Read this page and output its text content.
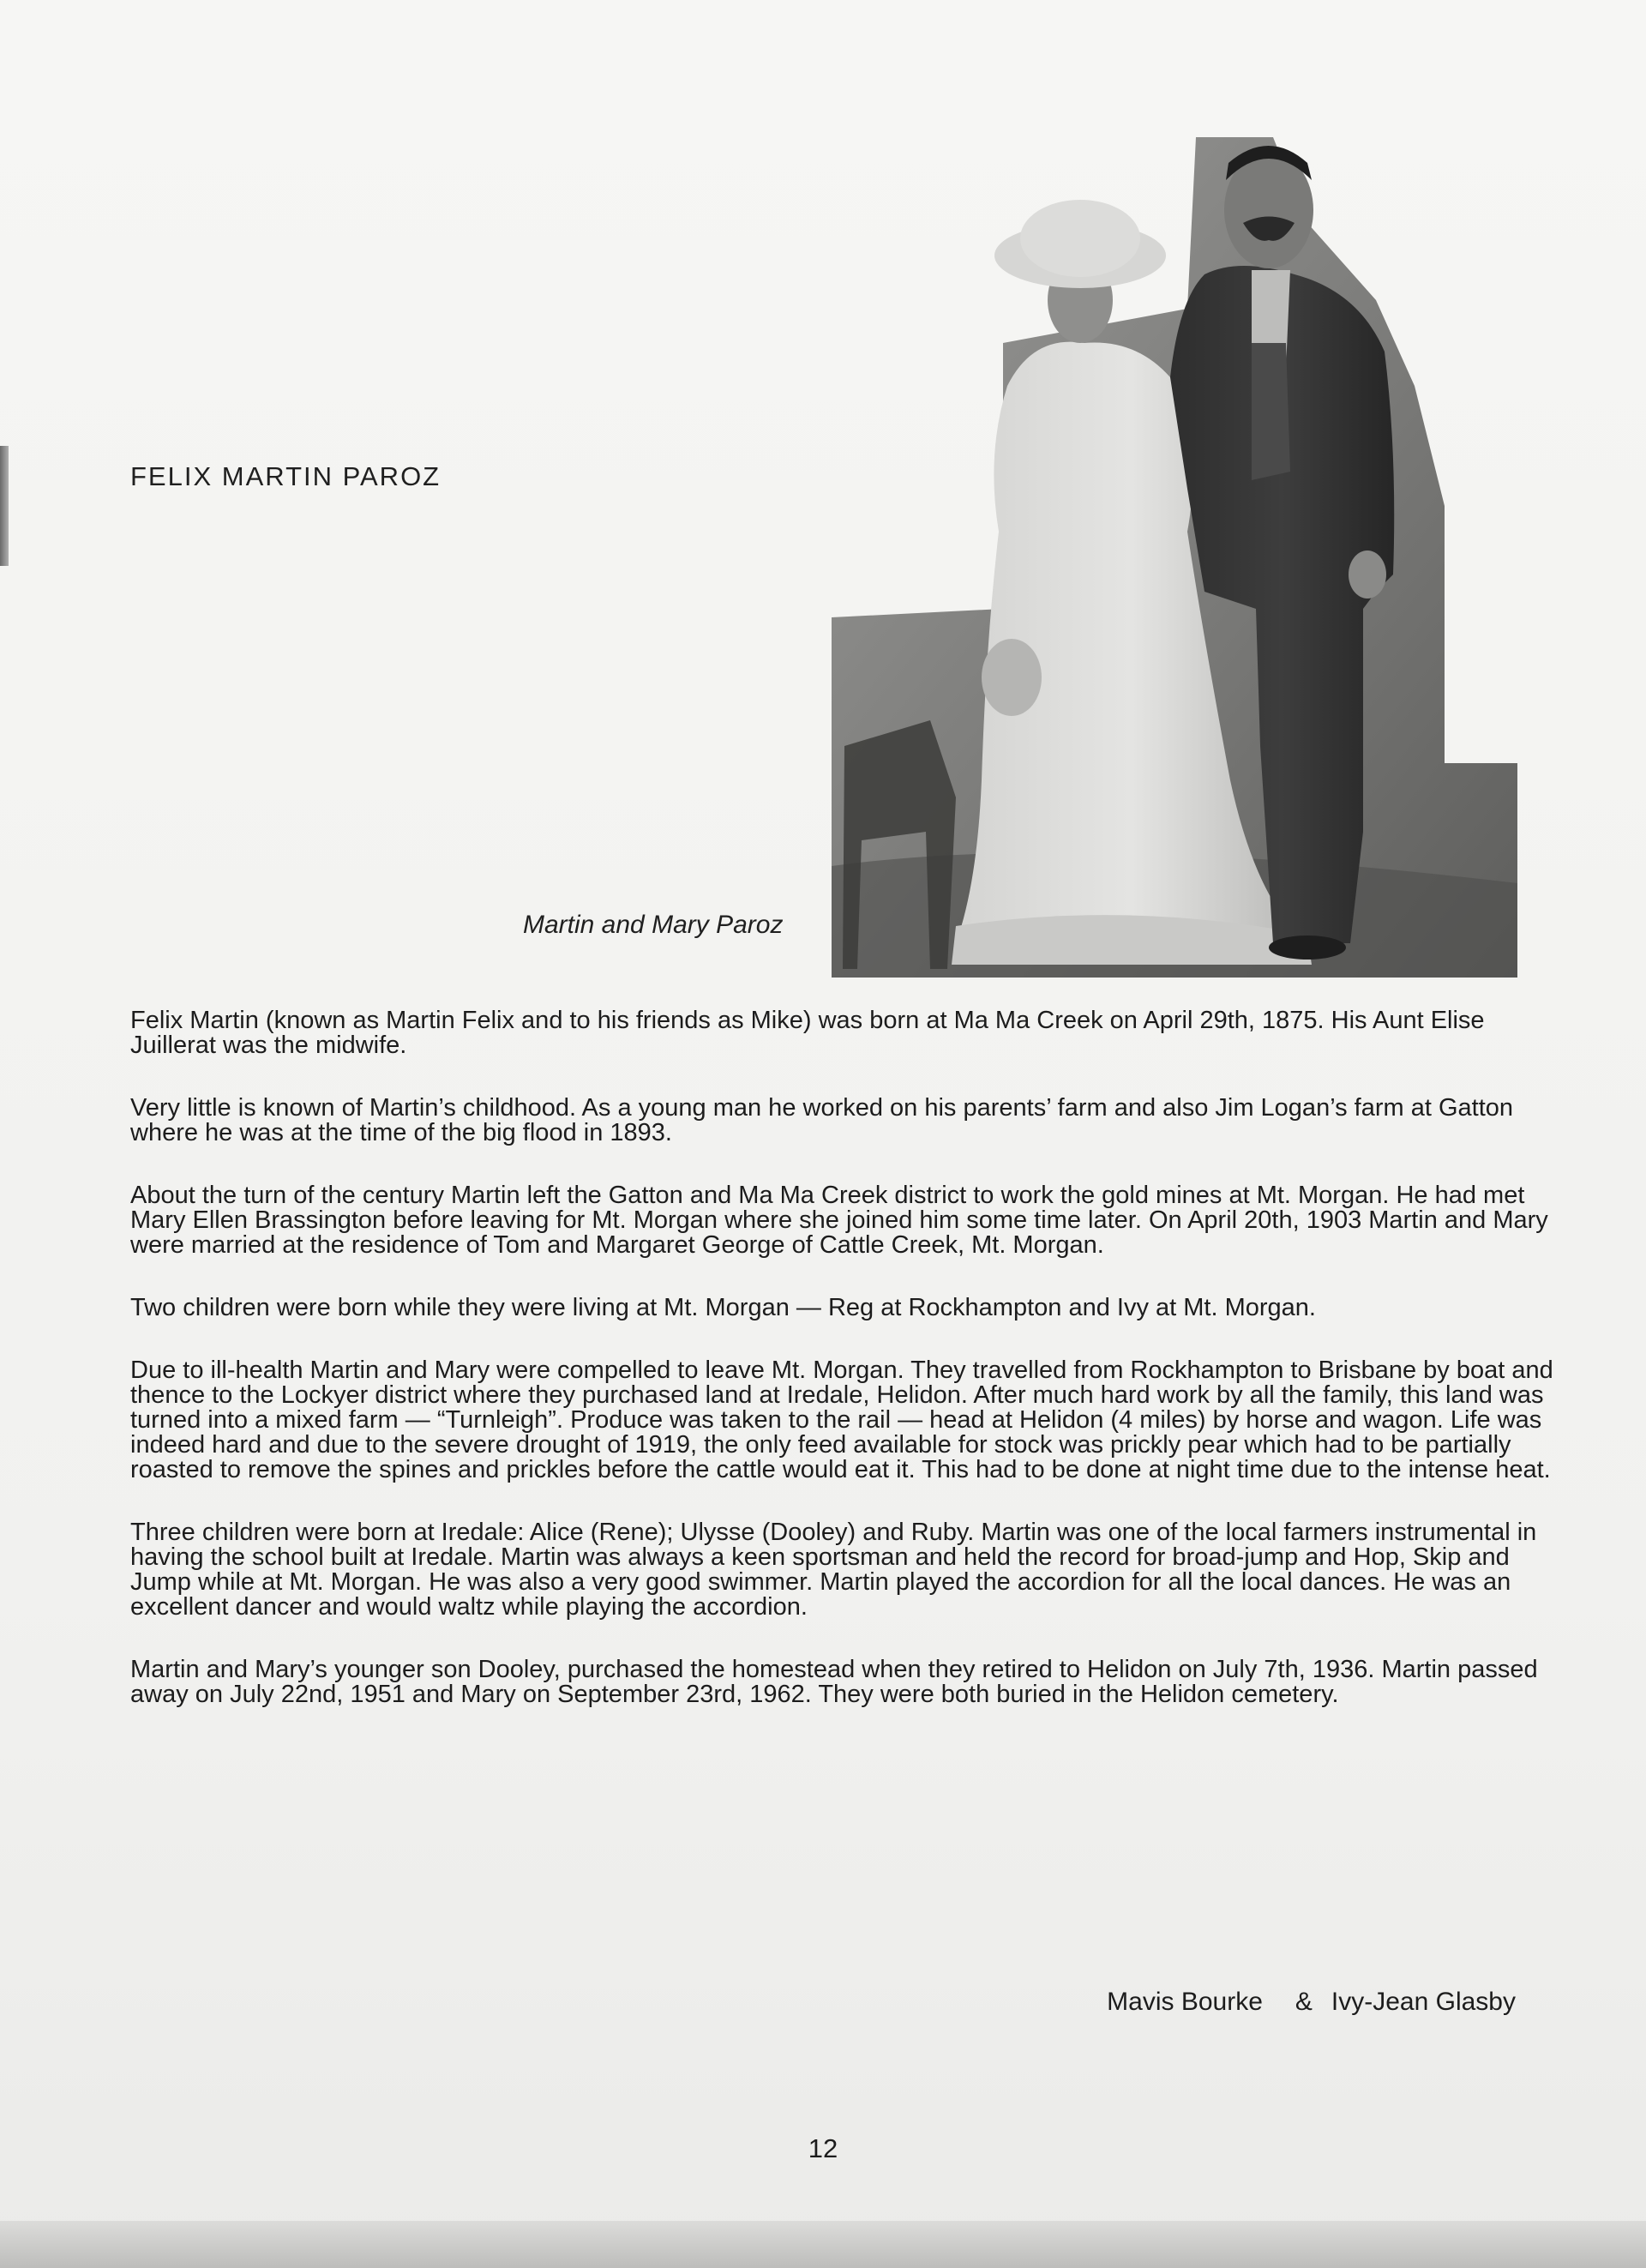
FELIX MARTIN PAROZ
Martin and Mary Paroz

Felix Martin (known as Martin Felix and to his friends as Mike) was born at Ma Ma Creek on April 29th, 1875. His Aunt Elise Juillerat was the midwife.

Very little is known of Martin’s childhood. As a young man he worked on his parents’ farm and also Jim Logan’s farm at Gatton where he was at the time of the big flood in 1893.

About the turn of the century Martin left the Gatton and Ma Ma Creek district to work the gold mines at Mt. Morgan. He had met Mary Ellen Brassington before leaving for Mt. Morgan where she joined him some time later. On April 20th, 1903 Martin and Mary were married at the residence of Tom and Margaret George of Cattle Creek, Mt. Morgan.

Two children were born while they were living at Mt. Morgan — Reg at Rockhampton and Ivy at Mt. Morgan.

Due to ill-health Martin and Mary were compelled to leave Mt. Morgan. They travelled from Rockhampton to Brisbane by boat and thence to the Lockyer district where they purchased land at Iredale, Helidon. After much hard work by all the family, this land was turned into a mixed farm — “Turnleigh”. Produce was taken to the rail — head at Helidon (4 miles) by horse and wagon. Life was indeed hard and due to the severe drought of 1919, the only feed available for stock was prickly pear which had to be partially roasted to remove the spines and prickles before the cattle would eat it. This had to be done at night time due to the intense heat.

Three children were born at Iredale: Alice (Rene); Ulysse (Dooley) and Ruby. Martin was one of the local farmers instrumental in having the school built at Iredale. Martin was always a keen sportsman and held the record for broad-jump and Hop, Skip and Jump while at Mt. Morgan. He was also a very good swimmer. Martin played the accordion for all the local dances. He was an excellent dancer and would waltz while playing the accordion.

Martin and Mary’s younger son Dooley, purchased the homestead when they retired to Helidon on July 7th, 1936. Martin passed away on July 22nd, 1951 and Mary on September 23rd, 1962. They were both buried in the Helidon cemetery.

Mavis Bourke & Ivy-Jean Glasby
12
